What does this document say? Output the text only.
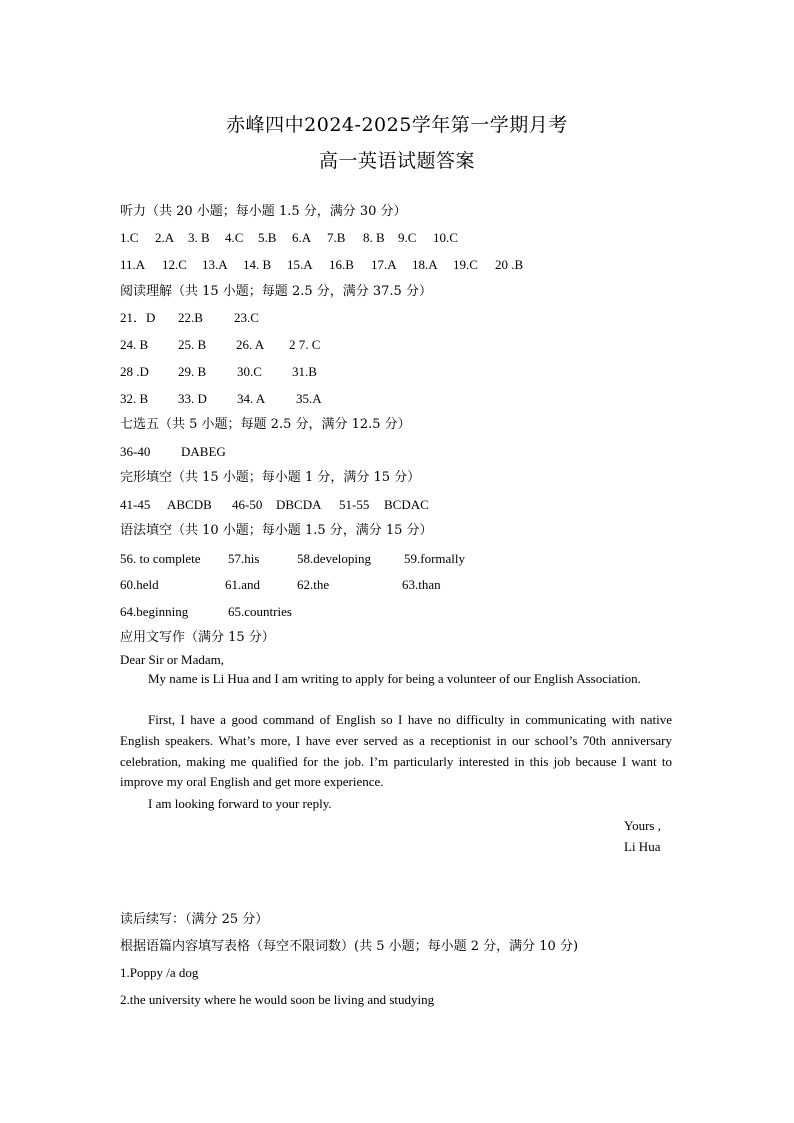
赤峰四中2024-2025学年第一学期月考
高一英语试题答案
听力（共 20 小题；每小题 1.5 分，满分 30 分）
1.C 2.A 3. B 4.C 5.B 6.A 7.B 8. B 9.C 10.C
11.A 12.C 13.A 14. B 15.A 16.B 17.A 18.A 19.C 20 .B
阅读理解（共 15 小题；每题 2.5 分，满分 37.5 分）
21．D 22.B 23.C
24. B 25. B 26. A 2 7. C
28 .D 29. B 30.C 31.B
32. B 33. D 34. A 35.A
七选五（共 5 小题；每题 2.5 分，满分 12.5 分）
36-40 DABEG
完形填空（共 15 小题；每小题 1 分，满分 15 分）
41-45 ABCDB 46-50 DBCDA 51-55 BCDAC
语法填空（共 10 小题；每小题 1.5 分，满分 15 分）
56. to complete 57.his	58.developing	59.formally
60.held	61.and	62.the	63.than
64.beginning	65.countries
应用文写作（满分 15 分）
Dear Sir or Madam,

My name is Li Hua and I am writing to apply for being a volunteer of our English Association.

First, I have a good command of English so I have no difficulty in communicating with native English speakers. What’s more, I have ever served as a receptionist in our school’s 70th anniversary celebration, making me qualified for the job. I’m particularly interested in this job because I want to improve my oral English and get more experience.

I am looking forward to your reply.

Yours ,
Li Hua
读后续写：（满分 25 分）
根据语篇内容填写表格（每空不限词数）(共 5 小题；每小题 2 分，满分 10 分)
1.Poppy /a dog
2.the university where he would soon be living and studying
